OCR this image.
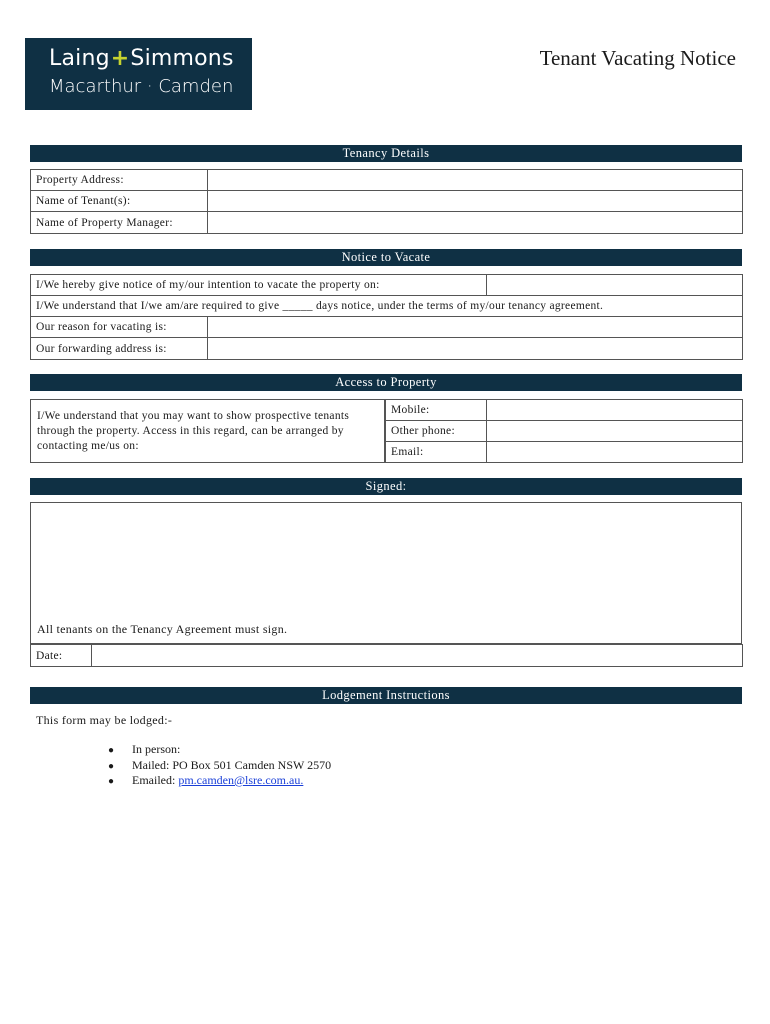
Laing+Simmons
Macarthur · Camden
Tenant Vacating Notice
Tenancy Details
Property Address:	
Name of Tenant(s):	
Name of Property Manager:	
Notice to Vacate
I/We hereby give notice of my/our intention to vacate the property on:		
I/We understand that I/we am/are required to give _____ days notice, under the terms of my/our tenancy agreement.		
Our reason for vacating is:		
Our forwarding address is:		
Access to Property
I/We understand that you may want to show prospective tenants through the property. Access in this regard, can be arranged by contacting me/us on:
Mobile:	
Other phone:	
Email:	
Signed:
All tenants on the Tenancy Agreement must sign.
Date:	
Lodgement Instructions
This form may be lodged:-
● In person:
● Mailed: PO Box 501 Camden NSW 2570
● Emailed: pm.camden@lsre.com.au.
